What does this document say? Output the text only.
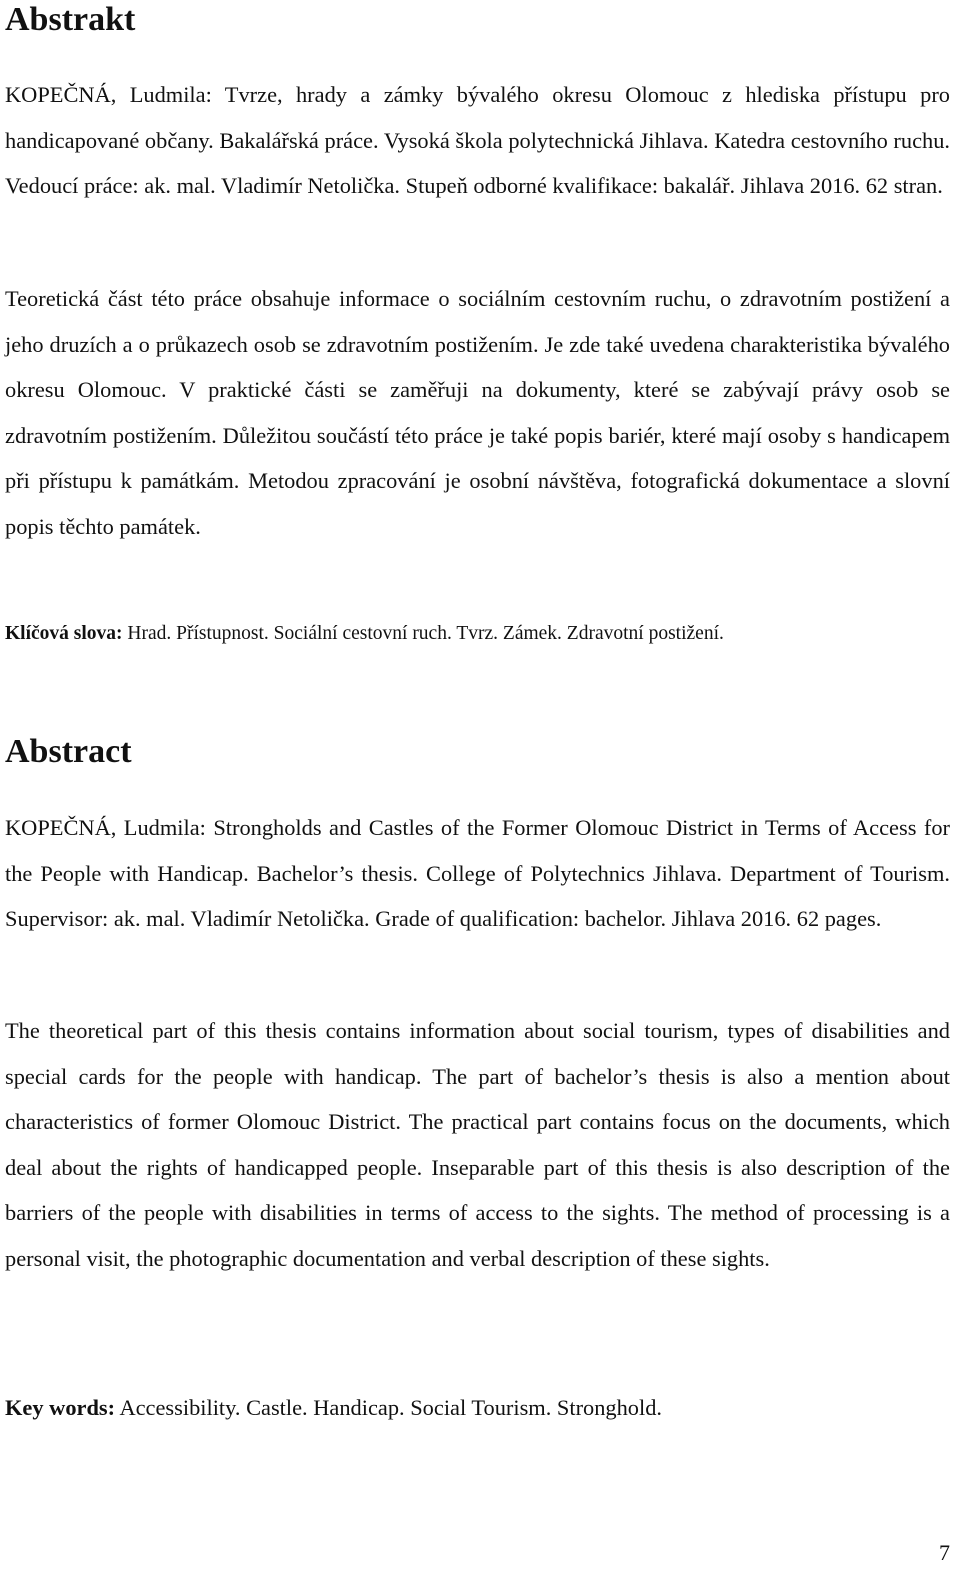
Abstrakt

KOPEČNÁ, Ludmila: Tvrze, hrady a zámky bývalého okresu Olomouc z hlediska přístupu pro handicapované občany. Bakalářská práce. Vysoká škola polytechnická Jihlava. Katedra cestovního ruchu. Vedoucí práce: ak. mal. Vladimír Netolička. Stupeň odborné kvalifikace: bakalář. Jihlava 2016. 62 stran.

Teoretická část této práce obsahuje informace o sociálním cestovním ruchu, o zdravotním postižení a jeho druzích a o průkazech osob se zdravotním postižením. Je zde také uvedena charakteristika bývalého okresu Olomouc. V praktické části se zaměřuji na dokumenty, které se zabývají právy osob se zdravotním postižením. Důležitou součástí této práce je také popis bariér, které mají osoby s handicapem při přístupu k památkám. Metodou zpracování je osobní návštěva, fotografická dokumentace a slovní popis těchto památek.

Klíčová slova: Hrad. Přístupnost. Sociální cestovní ruch. Tvrz. Zámek. Zdravotní postižení.

Abstract

KOPEČNÁ, Ludmila: Strongholds and Castles of the Former Olomouc District in Terms of Access for the People with Handicap. Bachelor’s thesis. College of Polytechnics Jihlava. Department of Tourism. Supervisor: ak. mal. Vladimír Netolička. Grade of qualification: bachelor. Jihlava 2016. 62 pages.

The theoretical part of this thesis contains information about social tourism, types of disabilities and special cards for the people with handicap. The part of bachelor’s thesis is also a mention about characteristics of former Olomouc District. The practical part contains focus on the documents, which deal about the rights of handicapped people. Inseparable part of this thesis is also description of the barriers of the people with disabilities in terms of access to the sights. The method of processing is a personal visit, the photographic documentation and verbal description of these sights.

Key words: Accessibility. Castle. Handicap. Social Tourism. Stronghold.

7
